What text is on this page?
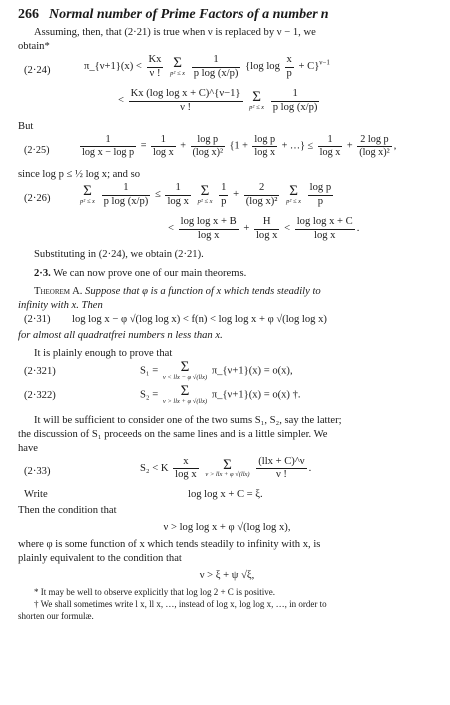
266 Normal number of Prime Factors of a number n

Assuming, then, that (2·21) is true when ν is replaced by ν − 1, we

obtain*

(2·24)	π_{ν+1}(x) < $\frac{Kx}{\nu !}$
Σ
p² ≤ x
$\frac{1}{\text{p log (x/p)}} \{\log$ $\log \frac{x}{p} + C\}^{\nu-1}$
< $\frac{\text{Kx (log log x + C)\textasciicircum{}\{ν−1\}}}{\nu !}$
Σ
p² ≤ x
$\frac{1}{\text{p log (x/p)}}$

But

(2·25)	$\frac{1}{\text{log x − log p}} = \frac{1}{\text{log x}} + \frac{\text{log p}}{\text{(log x)²}} \{1 + \frac{\text{log p}}{\text{log x}}$ + …} ≤ $\frac{1}{\text{log x}} + \frac{\text{2 log p}}{\text{(log x)²}}$ ,

since log p ≤ ½ log x; and so

(2·26) Σ
p² ≤ x
$\frac{1}{\text{p log (x/p)}} \le \frac{1}{\text{log x}}$
Σ
p² ≤ x
$\frac{1}{p} + \frac{2}{\text{(log x)²}}$
Σ
p² ≤ x
$\frac{\text{log p}}{p}$
< $\frac{\text{log log x + B}}{\text{log x}} + \frac{H}{\text{log x}} < \frac{\text{log log x + C}}{\text{log x}}$ .

Substituting in (2·24), we obtain (2·21).

2·3. We can now prove one of our main theorems.

Theorem A. Suppose that φ is a function of x which tends steadily to

infinity with x. Then

(2·31) log log x − φ √(log log x) < f(n) < log log x + φ √(log log x)

for almost all quadratfrei numbers n less than x.

It is plainly enough to prove that

(2·321)	S₁ =	Σ
ν < llx − φ √(llx)
π_{ν+1}(x) = o(x),
(2·322)	S₂ =	Σ
ν > llx + φ √(llx)
π_{ν+1}(x) = o(x) †.

It will be sufficient to consider one of the two sums S₁, S₂, say the latter;

the discussion of S₁ proceeds on the same lines and is a little simpler. We

have

(2·33)	S₂ < K $\frac{x}{\text{log x}}$
	Σ
ν > llx + φ √(llx)
$\frac{\text{(llx + C)\textasciicircum{}ν}}{\nu !}$ .
Write	log log x + C = ξ.

Then the condition that

ν > log log x + φ √(log log x),

where φ is some function of x which tends steadily to infinity with x, is

plainly equivalent to the condition that

ν > ξ + ψ √ξ,

* It may be well to observe explicitly that log log 2 + C is positive.

† We shall sometimes write l x, ll x, …, instead of log x, log log x, …, in order to

shorten our formulæ.
